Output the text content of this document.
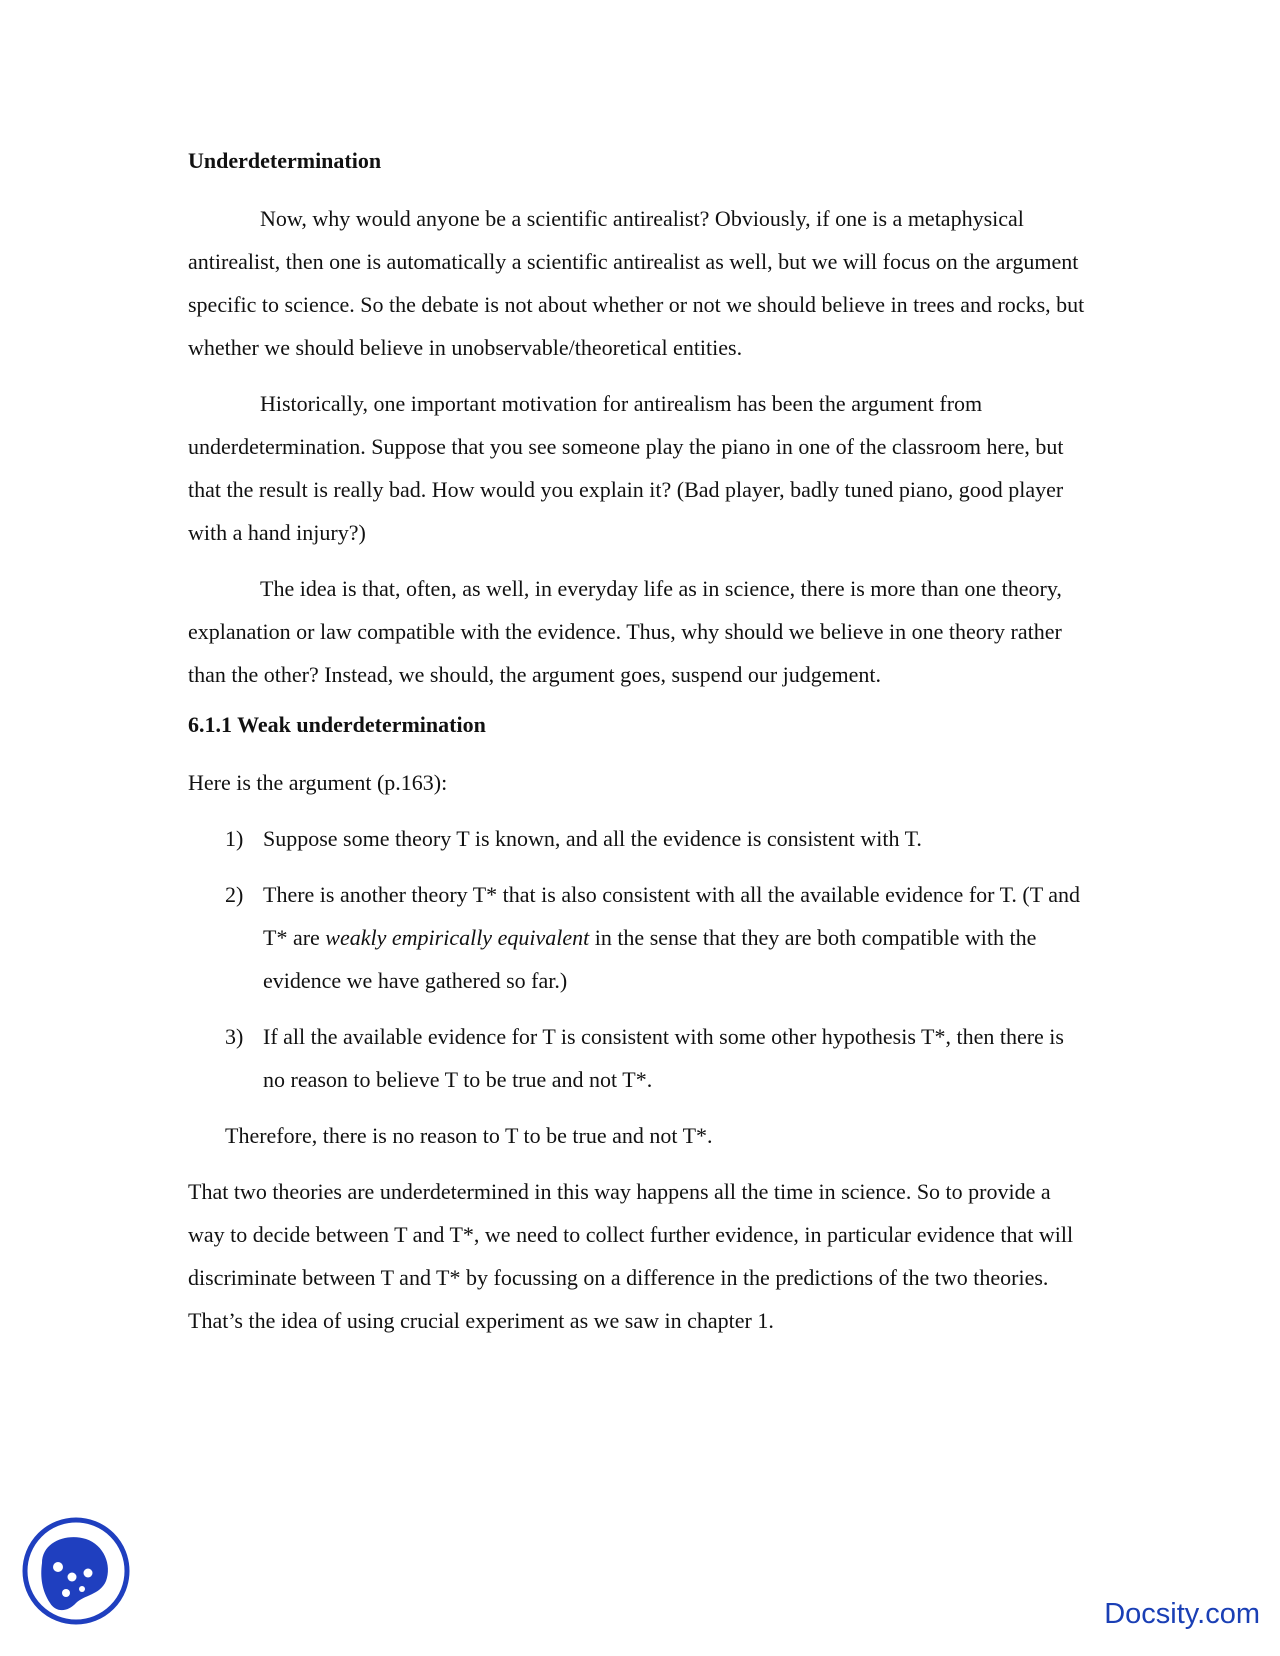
Underdetermination

Now, why would anyone be a scientific antirealist? Obviously, if one is a metaphysical antirealist, then one is automatically a scientific antirealist as well, but we will focus on the argument specific to science. So the debate is not about whether or not we should believe in trees and rocks, but whether we should believe in unobservable/theoretical entities.

Historically, one important motivation for antirealism has been the argument from underdetermination. Suppose that you see someone play the piano in one of the classroom here, but that the result is really bad. How would you explain it? (Bad player, badly tuned piano, good player with a hand injury?)

The idea is that, often, as well, in everyday life as in science, there is more than one theory, explanation or law compatible with the evidence. Thus, why should we believe in one theory rather than the other? Instead, we should, the argument goes, suspend our judgement.

6.1.1 Weak underdetermination

Here is the argument (p.163):

1) Suppose some theory T is known, and all the evidence is consistent with T.
2) There is another theory T* that is also consistent with all the available evidence for T. (T and T* are weakly empirically equivalent in the sense that they are both compatible with the evidence we have gathered so far.)
3) If all the available evidence for T is consistent with some other hypothesis T*, then there is no reason to believe T to be true and not T*.

Therefore, there is no reason to T to be true and not T*.

That two theories are underdetermined in this way happens all the time in science. So to provide a way to decide between T and T*, we need to collect further evidence, in particular evidence that will discriminate between T and T* by focussing on a difference in the predictions of the two theories. That’s the idea of using crucial experiment as we saw in chapter 1.

Docsity.com
